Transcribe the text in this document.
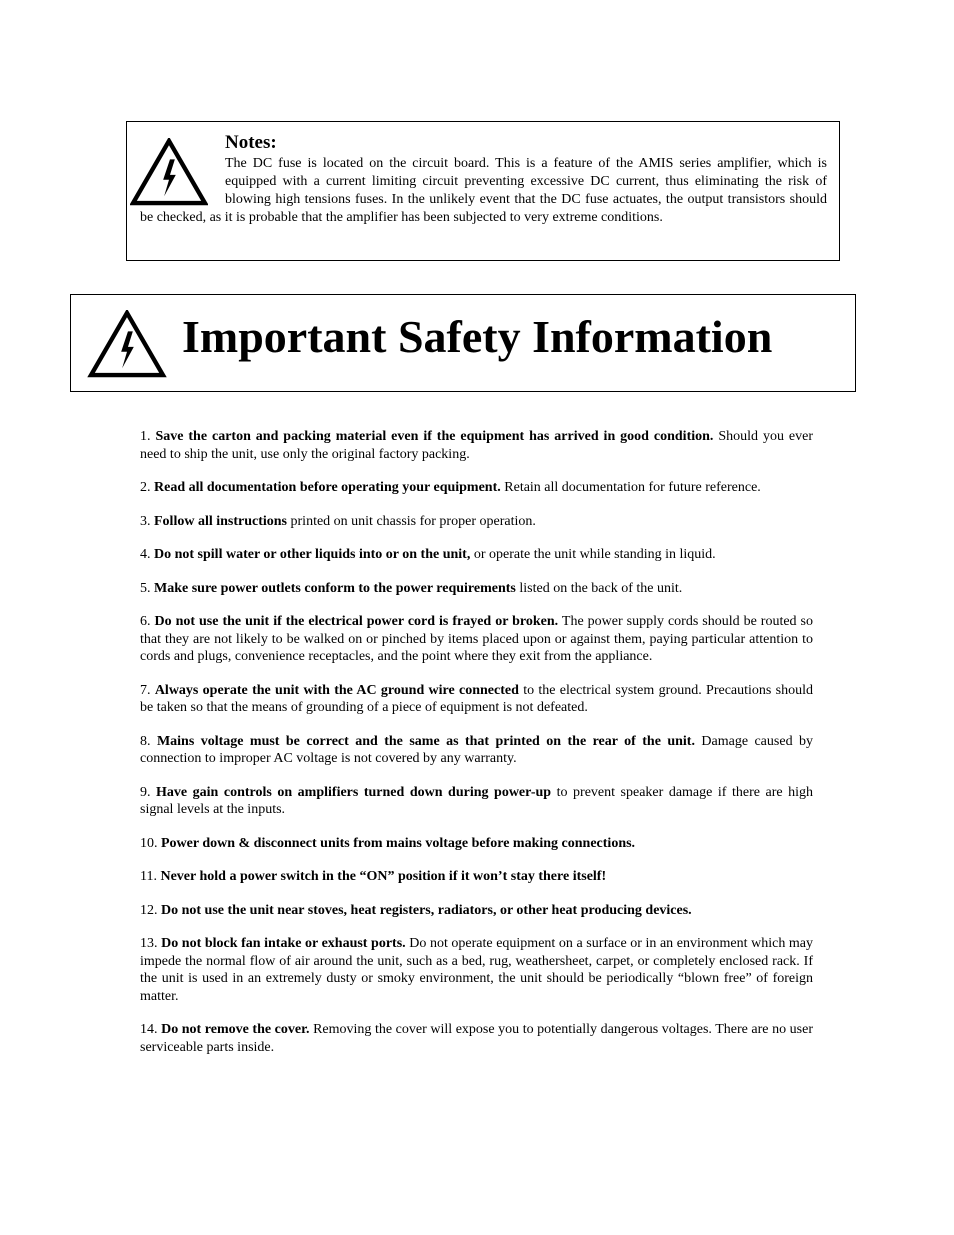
Notes:
The DC fuse is located on the circuit board. This is a feature of the AMIS series amplifier, which is equipped with a current limiting circuit preventing excessive DC current, thus eliminating the risk of blowing high tensions fuses. In the unlikely event that the DC fuse actuates, the output transistors should be checked, as it is probable that the amplifier has been subjected to very extreme conditions.
Important Safety Information

1. Save the carton and packing material even if the equipment has arrived in good condition. Should you ever need to ship the unit, use only the original factory packing.

2. Read all documentation before operating your equipment. Retain all documentation for future reference.

3. Follow all instructions printed on unit chassis for proper operation.

4. Do not spill water or other liquids into or on the unit, or operate the unit while standing in liquid.

5. Make sure power outlets conform to the power requirements listed on the back of the unit.

6. Do not use the unit if the electrical power cord is frayed or broken. The power supply cords should be routed so that they are not likely to be walked on or pinched by items placed upon or against them, paying particular attention to cords and plugs, convenience receptacles, and the point where they exit from the appliance.

7. Always operate the unit with the AC ground wire connected to the electrical system ground. Precautions should be taken so that the means of grounding of a piece of equipment is not defeated.

8. Mains voltage must be correct and the same as that printed on the rear of the unit. Damage caused by connection to improper AC voltage is not covered by any warranty.

9. Have gain controls on amplifiers turned down during power-up to prevent speaker damage if there are high signal levels at the inputs.

10. Power down & disconnect units from mains voltage before making connections.

11. Never hold a power switch in the “ON” position if it won’t stay there itself!

12. Do not use the unit near stoves, heat registers, radiators, or other heat producing devices.

13. Do not block fan intake or exhaust ports. Do not operate equipment on a surface or in an environment which may impede the normal flow of air around the unit, such as a bed, rug, weathersheet, carpet, or completely enclosed rack. If the unit is used in an extremely dusty or smoky environment, the unit should be periodically “blown free” of foreign matter.

14. Do not remove the cover. Removing the cover will expose you to potentially dangerous voltages. There are no user serviceable parts inside.
